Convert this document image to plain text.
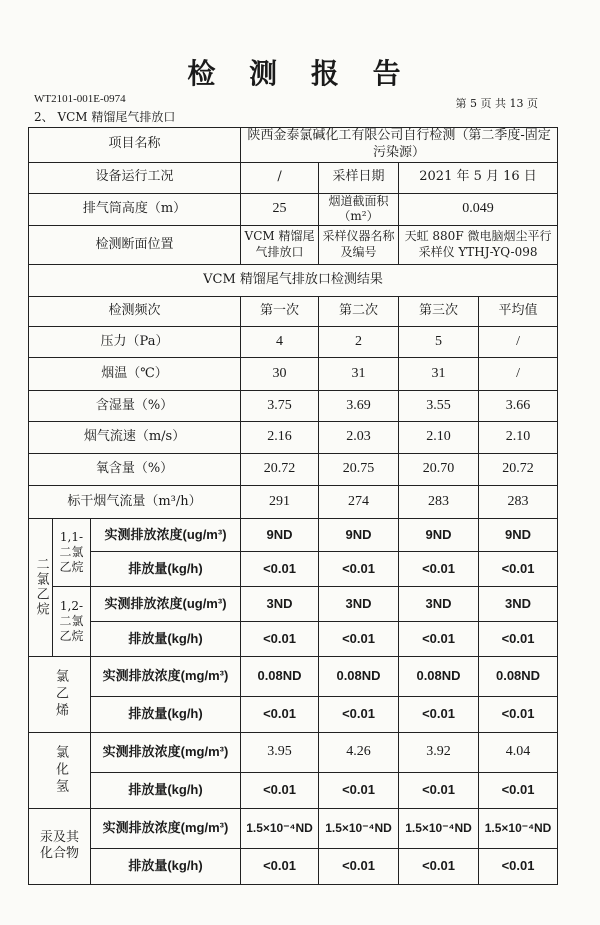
检 测 报 告
WT2101-001E-0974	第 5 页 共 13 页
2、 VCM 精馏尾气排放口
项目名称			陕西金泰氯碱化工有限公司自行检测（第二季度-固定污染源）			
设备运行工况			/	采样日期	2021 年 5 月 16 日	
排气筒高度（m）			25	烟道截面积（m²）	0.049	
检测断面位置			VCM 精馏尾气排放口	采样仪器名称及编号	天虹 880F 微电脑烟尘平行采样仪 YTHJ-YQ-098	
VCM 精馏尾气排放口检测结果						
检测频次			第一次	第二次	第三次	平均值
压力（Pa）			4	2	5	/
烟温（℃）			30	31	31	/
含湿量（%）			3.75	3.69	3.55	3.66
烟气流速（m/s）			2.16	2.03	2.10	2.10
氧含量（%）			20.72	20.75	20.70	20.72
标干烟气流量（m³/h）			291	274	283	283
二氯乙烷	1,1-二氯乙烷	实测排放浓度(ug/m³)	9ND	9ND	9ND	9ND
		排放量(kg/h)	<0.01	<0.01	<0.01	<0.01
	1,2-二氯乙烷	实测排放浓度(ug/m³)	3ND	3ND	3ND	3ND
		排放量(kg/h)	<0.01	<0.01	<0.01	<0.01
氯乙烯		实测排放浓度(mg/m³)	0.08ND	0.08ND	0.08ND	0.08ND
		排放量(kg/h)	<0.01	<0.01	<0.01	<0.01
氯化氢		实测排放浓度(mg/m³)	3.95	4.26	3.92	4.04
		排放量(kg/h)	<0.01	<0.01	<0.01	<0.01
汞及其化合物		实测排放浓度(mg/m³)	1.5×10⁻⁴ND	1.5×10⁻⁴ND	1.5×10⁻⁴ND	1.5×10⁻⁴ND
		排放量(kg/h)	<0.01	<0.01	<0.01	<0.01
